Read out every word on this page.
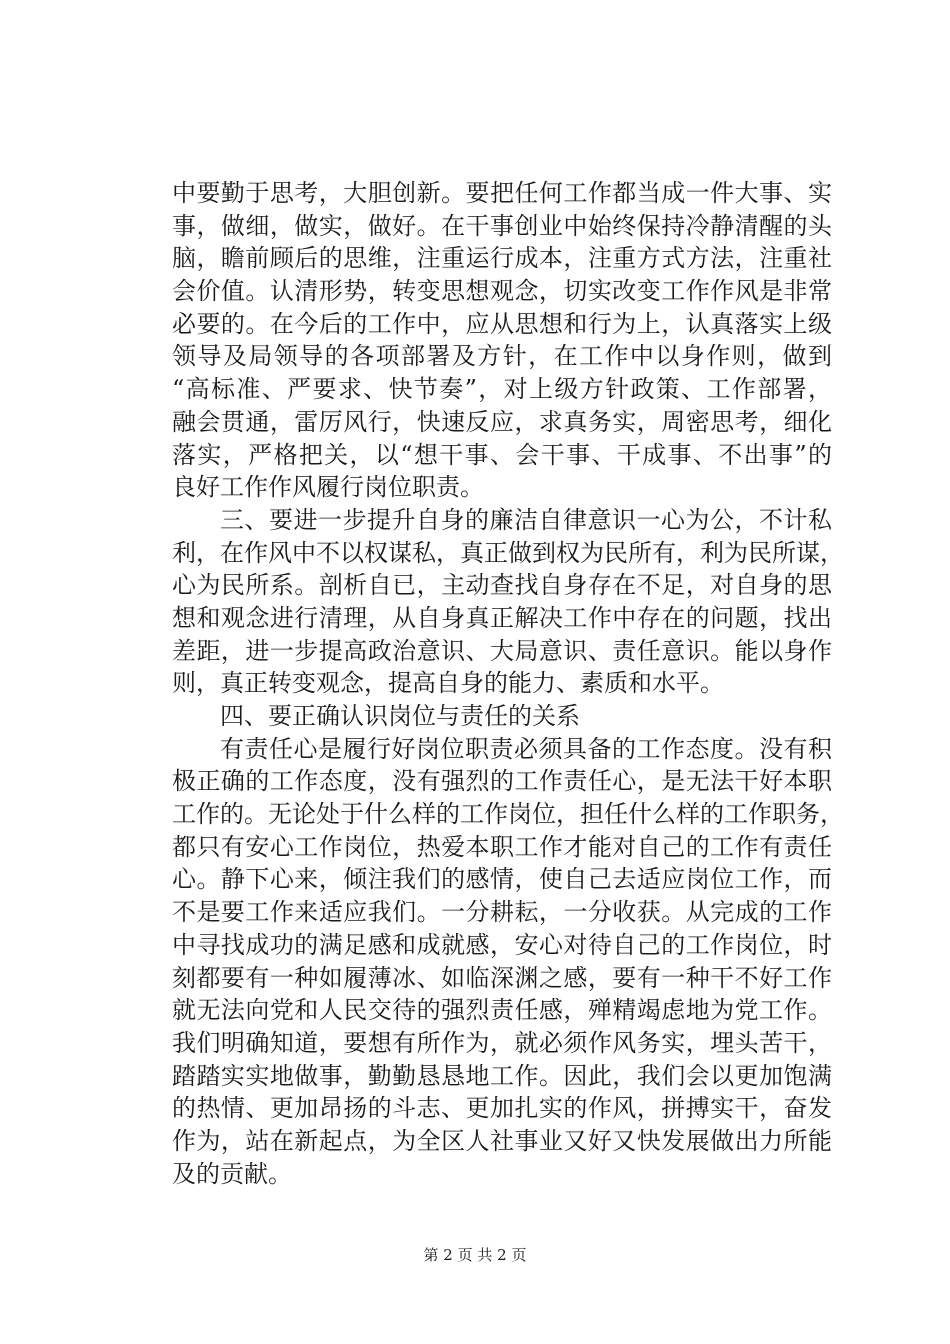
中要勤于思考，大胆创新。要把任何工作都当成一件大事、实
事，做细，做实，做好。在干事创业中始终保持冷静清醒的头
脑，瞻前顾后的思维，注重运行成本，注重方式方法，注重社
会价值。认清形势，转变思想观念，切实改变工作作风是非常
必要的。在今后的工作中，应从思想和行为上，认真落实上级
领导及局领导的各项部署及方针，在工作中以身作则，做到
“高标准、严要求、快节奏”，对上级方针政策、工作部署，
融会贯通，雷厉风行，快速反应，求真务实，周密思考，细化
落实，严格把关，以“想干事、会干事、干成事、不出事”的
良好工作作风履行岗位职责。
三、要进一步提升自身的廉洁自律意识一心为公，不计私
利，在作风中不以权谋私，真正做到权为民所有，利为民所谋，
心为民所系。剖析自已，主动查找自身存在不足，对自身的思
想和观念进行清理，从自身真正解决工作中存在的问题，找出
差距，进一步提高政治意识、大局意识、责任意识。能以身作
则，真正转变观念，提高自身的能力、素质和水平。
四、要正确认识岗位与责任的关系
有责任心是履行好岗位职责必须具备的工作态度。没有积
极正确的工作态度，没有强烈的工作责任心，是无法干好本职
工作的。无论处于什么样的工作岗位，担任什么样的工作职务，
都只有安心工作岗位，热爱本职工作才能对自己的工作有责任
心。静下心来，倾注我们的感情，使自己去适应岗位工作，而
不是要工作来适应我们。一分耕耘，一分收获。从完成的工作
中寻找成功的满足感和成就感，安心对待自己的工作岗位，时
刻都要有一种如履薄冰、如临深渊之感，要有一种干不好工作
就无法向党和人民交待的强烈责任感，殚精竭虑地为党工作。
我们明确知道，要想有所作为，就必须作风务实，埋头苦干，
踏踏实实地做事，勤勤恳恳地工作。因此，我们会以更加饱满
的热情、更加昂扬的斗志、更加扎实的作风，拼搏实干，奋发
作为，站在新起点，为全区人社事业又好又快发展做出力所能
及的贡献。
第 2 页 共 2 页
